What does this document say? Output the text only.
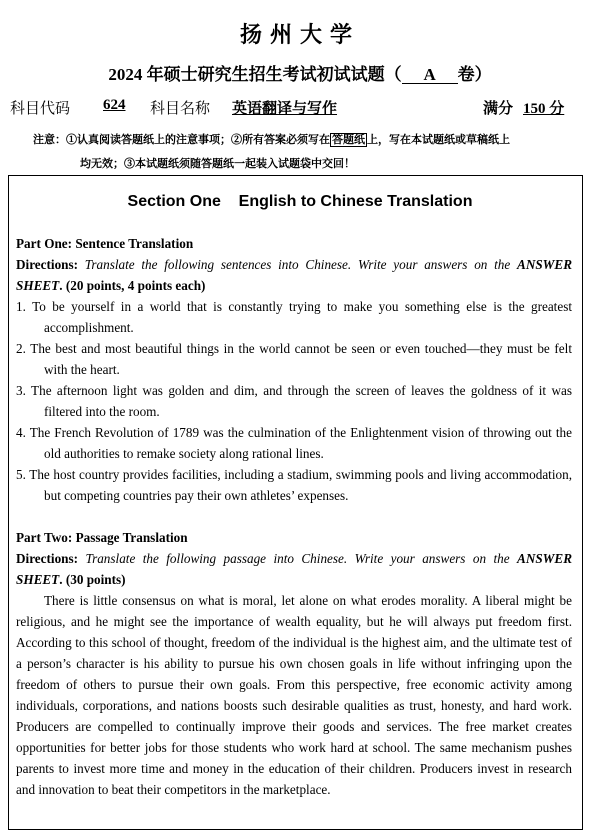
扬州大学
2024 年硕士研究生招生考试初试试题（ A 卷）
科目代码 624 科目名称 英语翻译与写作	满分 150 分
注意：①认真阅读答题纸上的注意事项；②所有答案必须写在 答题纸 上，写在本试题纸或草稿纸上
均无效；③本试题纸须随答题纸一起装入试题袋中交回！
Section One    English to Chinese Translation
Part One: Sentence Translation
Directions: Translate the following sentences into Chinese. Write your answers on the ANSWER SHEET. (20 points, 4 points each)
1. To be yourself in a world that is constantly trying to make you something else is the greatest accomplishment.
2. The best and most beautiful things in the world cannot be seen or even touched—they must be felt with the heart.
3. The afternoon light was golden and dim, and through the screen of leaves the goldness of it was filtered into the room.
4. The French Revolution of 1789 was the culmination of the Enlightenment vision of throwing out the old authorities to remake society along rational lines.
5. The host country provides facilities, including a stadium, swimming pools and living accommodation, but competing countries pay their own athletes’ expenses.
Part Two: Passage Translation
Directions: Translate the following passage into Chinese. Write your answers on the ANSWER SHEET. (30 points)
There is little consensus on what is moral, let alone on what erodes morality. A liberal might be religious, and he might see the importance of wealth equality, but he will always put freedom first. According to this school of thought, freedom of the individual is the highest aim, and the ultimate test of a person’s character is his ability to pursue his own chosen goals in life without infringing upon the freedom of others to pursue their own goals. From this perspective, free economic activity among individuals, corporations, and nations boosts such desirable qualities as trust, honesty, and hard work. Producers are compelled to continually improve their goods and services. The free market creates opportunities for better jobs for those students who work hard at school. The same mechanism pushes parents to invest more time and money in the education of their children. Producers invest in research and innovation to beat their competitors in the marketplace.
